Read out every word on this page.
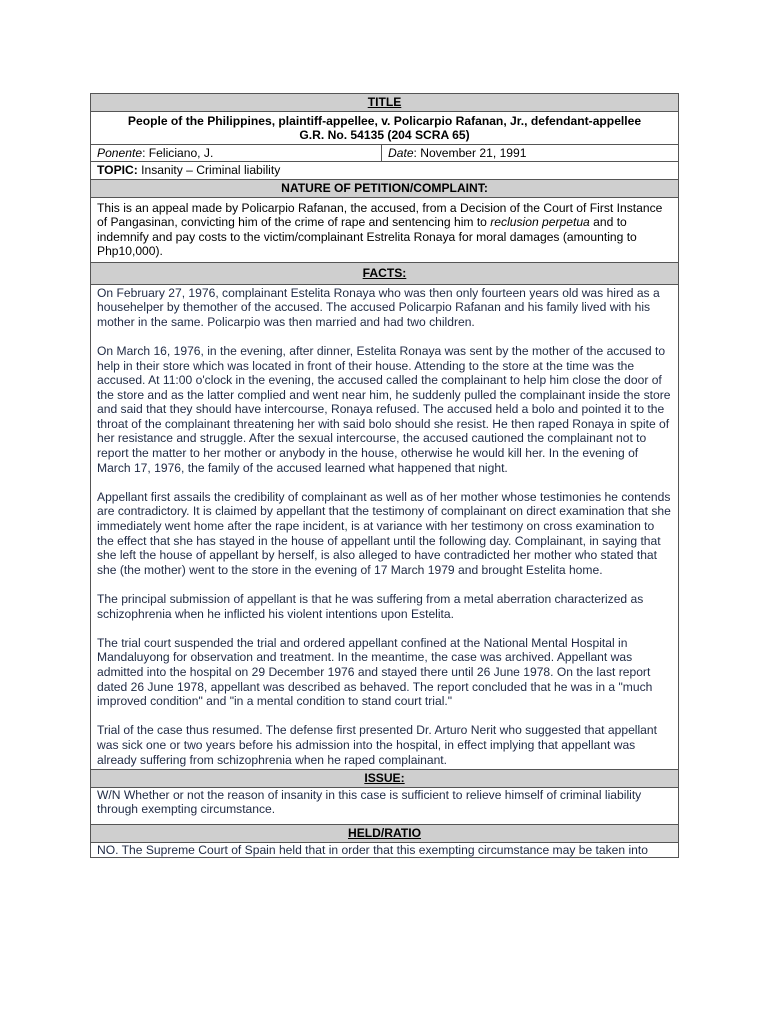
TITLE

People of the Philippines, plaintiff-appellee, v. Policarpio Rafanan, Jr., defendant-appellee
G.R. No. 54135 (204 SCRA 65)

Ponente: Feliciano, J.	Date: November 21, 1991
TOPIC: Insanity – Criminal liability
NATURE OF PETITION/COMPLAINT:
This is an appeal made by Policarpio Rafanan, the accused, from a Decision of the Court of First Instance of Pangasinan, convicting him of the crime of rape and sentencing him to reclusion perpetua and to indemnify and pay costs to the victim/complainant Estrelita Ronaya for moral damages (amounting to Php10,000).
FACTS:

On February 27, 1976, complainant Estelita Ronaya who was then only fourteen years old was hired as a househelper by themother of the accused. The accused Policarpio Rafanan and his family lived with his mother in the same. Policarpio was then married and had two children.

On March 16, 1976, in the evening, after dinner, Estelita Ronaya was sent by the mother of the accused to help in their store which was located in front of their house. Attending to the store at the time was the accused. At 11:00 o'clock in the evening, the accused called the complainant to help him close the door of the store and as the latter complied and went near him, he suddenly pulled the complainant inside the store and said that they should have intercourse, Ronaya refused. The accused held a bolo and pointed it to the throat of the complainant threatening her with said bolo should she resist. He then raped Ronaya in spite of her resistance and struggle. After the sexual intercourse, the accused cautioned the complainant not to report the matter to her mother or anybody in the house, otherwise he would kill her. In the evening of March 17, 1976, the family of the accused learned what happened that night.

Appellant first assails the credibility of complainant as well as of her mother whose testimonies he contends are contradictory. It is claimed by appellant that the testimony of complainant on direct examination that she immediately went home after the rape incident, is at variance with her testimony on cross examination to the effect that she has stayed in the house of appellant until the following day. Complainant, in saying that she left the house of appellant by herself, is also alleged to have contradicted her mother who stated that she (the mother) went to the store in the evening of 17 March 1979 and brought Estelita home.

The principal submission of appellant is that he was suffering from a metal aberration characterized as schizophrenia when he inflicted his violent intentions upon Estelita.

The trial court suspended the trial and ordered appellant confined at the National Mental Hospital in Mandaluyong for observation and treatment. In the meantime, the case was archived. Appellant was admitted into the hospital on 29 December 1976 and stayed there until 26 June 1978. On the last report dated 26 June 1978, appellant was described as behaved. The report concluded that he was in a "much improved condition" and "in a mental condition to stand court trial."

Trial of the case thus resumed. The defense first presented Dr. Arturo Nerit who suggested that appellant was sick one or two years before his admission into the hospital, in effect implying that appellant was already suffering from schizophrenia when he raped complainant.

ISSUE:
W/N Whether or not the reason of insanity in this case is sufficient to relieve himself of criminal liability through exempting circumstance.
HELD/RATIO
NO. The Supreme Court of Spain held that in order that this exempting circumstance may be taken into
